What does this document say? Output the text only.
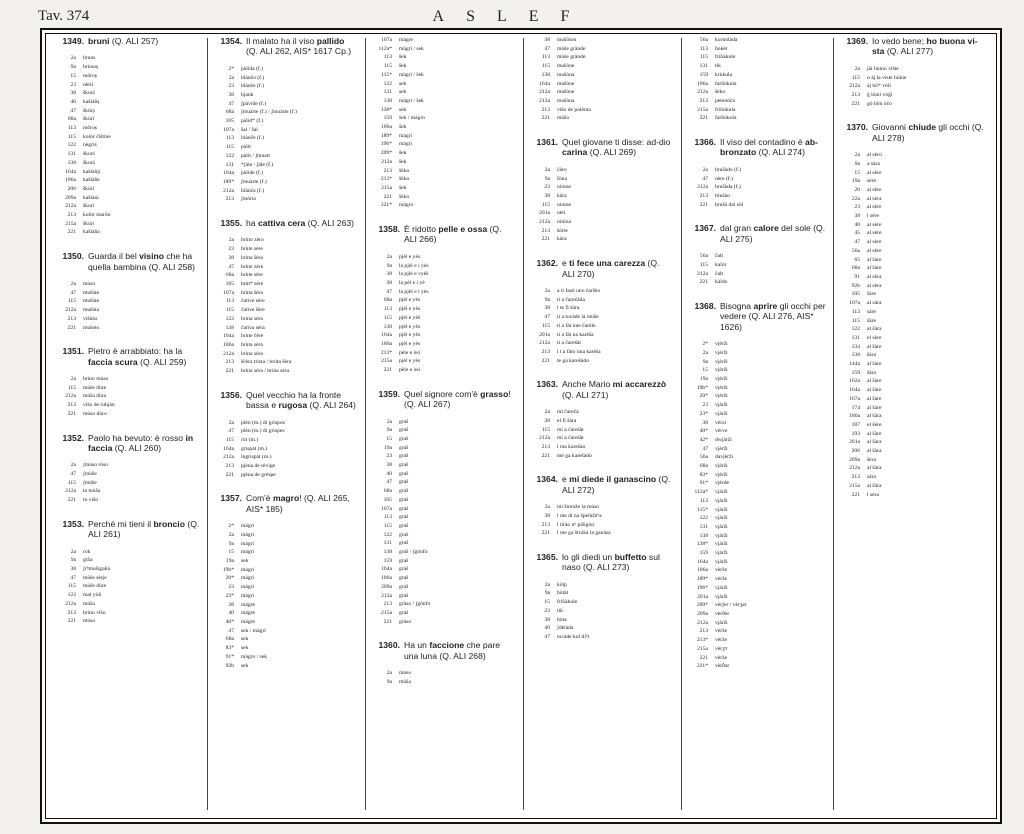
Tav. 374	ASLEF
1349. bruni (Q. ALI 257)
2a	bruns
9a	brùnoș
15	mòroș
23	nèrii
38	škurś
40	kaštàñș
47	škùrș
68a	škùri
113	mòroș
115	kolòr čištine
122	nègriś
131	škurś
138	škurś
164a	kaštañji
186a	kaštàñe
206	škùri
209a	kaštàni
212a	škuri
213	kolòr marón
215a	škùri
221	kaštàña
1350. Guarda il bel visino che ha quella bambina (Q. ALI 258)
2a	mùso
47	mušùte
115	mušùte
212a	mušùta
213	višùṡo
221	mušeto
1351. Pietro è arrabbiato: ha la faccia scura (Q. ALI 259)
2a	brùto mùso
115	mùše dùre
212a	mùša dùra
213	višo de ruhjàn
221	mùso dùro
1352. Paolo ha bevuto: è rosso in faccia (Q. ALI 260)
2a	ʃmùso ròso
47	ʃmùše
115	ʃmùše
212a	ta mùša
221	in višo
1353. Perché mi tieni il broncio (Q. ALI 261)
2a	rok
9a	gìña
38	ʃrʰmušigañá
47	mùše sèrje
115	mùše dùre
122	mal yòli
212a	mùša
213	brùto višo
221	mùso
1354. Il malato ha il viso pallido (Q. ALI 262, AIS* 1617 Cp.)
2*	pàlida (f.)
2a	blànčo (f.)
23	blànče (f.)
38	bjank
47	ʃpàvide (f.)
68a	ʃmuàrte (f.) / ʃmuàrte (f.)
105	pàlid* (f.)
107a	šal / šal
113	blànče (f.)
115	pàlit
122	pàlit / ʃmuatt
131	*ʃàle / ʃàle (f.)
164a	pàlide (f.)
189*	ʃmuàrte (f.)
212a	blànča (f.)
213	ʃmòrto
1355. ha cattiva cera (Q. ALI 263)
2a	brùto zèro
23	brùte sère
38	brùta šèra
47	brùte zère
68a	brùte sère
105	brùt* sère
107a	brùta šèra
113	čatìve sère
115	čatìve šère
122	brùta sèra
138	čatìva sèra
164a	brùte čère
186a	brùta sèra
212a	brùta sèra
213	ščèra trista / brùta šèra
221	brùta sèra / brùta sèra
1356. Quel vecchio ha la fronte bassa e rugosa (Q. ALI 264)
2a	plèn (m.) di grìspos
47	plèn (m.) di grìspes
115	rùt (m.)
164a	grispàt (m.)
212a	ingrispàt (m.)
213	pjèna de rèvìge
221	pjèna de grèspe
1357. Com'è magro! (Q. ALI 265, AIS* 185)
2*	màgri
2a	màgri
9a	màgri
15	màgri
19a	sek
19b*	màgri
20*	màgri
23	màgri
23*	màgri
38	màgre
40	màgre
40*	màgre
47	sek / màgri
68a	sek
83*	sek
91*	màgro / sek
92b	sek
107a	màgre
112a*	màgri / sek
113	šek
115	šek
115*	màgri / šek
122	sek
131	sek
138	màgri / šek
138*	sek
159	šek / màgro
186a	šek
189*	màgri
196*	màgri
209*	šek
212a	šek
213	šèko
213*	šèko
215a	šek
221	šèko
221*	màgro
1358. È ridotto pelle e ossa (Q. ALI 266)
2a	pjèl e yès
9a	la pjèl e i yès
38	la pjèl e vyèš
38	la pèl e i yè
47	la pjèl e l yès
68a	pjèl e yès
113	pjèl e yès
115	pjèl e yèš
138	pjèl e yès
164a	pjèl e yès
186a	pjèl e yès
213*	pèle e òsi
215a	pjèl e yès
221	pèle e òsi
1359. Quel signore com'è grasso! (Q. ALI 267)
2a	graš
9a	graš
15	graš
19a	graš
23	graš
38	graš
40	graš
47	graš
68a	graš
105	graš
107a	graš
113	graš
115	graš
122	graš
131	graš
138	graš / ʃgònfo
159	graš
164a	graš
186a	graš
209a	graš
212a	graš
213	gràso / ʃgònfo
215a	graš
221	gràso
1360. Ha un faccione che pare una luna (Q. ALI 268)
2a	mùso
9a	mùša
38	mušòlon
47	mùše grànde
113	mùše grànde
115	mušòne
138	mušòna
164a	mušòne
212a	mušòne
212a	mušòna
213	višo de polènta
221	mùšo
1361. Quel giovane ti disse: ad-dio carina (Q. ALI 269)
2a	čàro
9a	fòna
23	ninine
38	kàra
115	ninine
201a	nèti
212a	ninìna
213	šòrte
221	kàra
1362. e ti fece una carezza (Q. ALI 270)
2a	a ti fazè uno čaršèo
9a	ti a čarečàda
38	l te fì šàra
47	ti a tocàde la mùše
115	ti a fàt ùne čarèle
201a	ti a fàt na karèša
212a	ti a čarešàt
213	l t a fàto ùna karèša
221	te ga karešàdo
1363. Anche Mario mi accarezzò (Q. ALI 271)
2a	mi čarečà
38	el fi šàra
115	mi a čarešàt
212a	mi a čarešàt
213	l ma karešào
221	me ga karešàdo
1364. e mi diede il ganascino (Q. ALI 272)
2a	mi štrenže la mùso
38	l me dì na špelùžèʰa
213	l tirào uʰ pišigòn
221	l me ga štrukà la ganàsa
1365. lo gli diedi un buffetto sul naso (Q. ALI 273)
2a	kòlp
9a	bòtàt
15	friñàkule
23	tik
38	bòta
40	ʃdètàda
47	tocàde kul diʰt
56a	kornolàda
113	ñokèt
115	friñàkule
131	tik
159	krùkula
186a	farñòkula
212a	šèko
213	petenòča
215a	friñòkula
221	farñòkola
1366. Il viso del contadino è ab-bronzato (Q. ALI 274)
2a	brušàdo (f.)
47	nère (f.)
212a	brušàda (f.)
213	brušào
221	brušà dal sòl
1367. dal gran calore del sole (Q. ALI 275)
56a	čalt
115	kalòr
212a	čalt
221	kàldo
1368. Bisogna aprire gli occhi per vedere (Q. ALI 276, AIS* 1626)
2*	vjèrži
2a	vjèrži
9a	vjèrži
15	vjèrži
19a	vjèrži
19b*	vjèrži
20*	vjèrži
23	vjàrži
23*	vjàrži
38	vèrzi
40*	vèrve
42*	dwjàrži
47	vjèrži
56a	davjèrži
68a	vjèrži
83*	vjèrži
91*	vjèrde
112a*	vjàrži
113	vjàrži
115*	vjàrži
122	vjàrži
131	vjàrži
138	vjàrži
138*	vjàrži
159	vjàrži
164a	vjàrži
186a	vèrže
189*	vèrže
196*	vjàrži
201a	vjàrži
209*	vèrʃer / vèrʒer
209a	vèrðer
212a	vjàrži
213	vèrže
213*	vèrže
215a	vèrʒᵉr
221	vèrže
221*	vèrðar
1369. Io vedo bene; ho buona vi-sta (Q. ALI 277)
2a	jài bùino vište
115	o àj la viste bùine
212a	àj bò* vòli
213	ĝ bùni vòĝi
221	gò bòn òĉo
1370. Giovanni chiude gli occhi (Q. ALI 278)
2a	al sèro
9a	a sàra
15	al sère
19a	sère
20	al sère
22a	al sèra
23	al sère
38	l sère
40	al sère
45	al sère
47	al sère
56a	al sère
65	al šàre
68a	al šàre
91	al sèra
92b	al sèra
105	šàre
107a	al sàra
113	sàre
115	šàre
122	al šàra
131	el sère
134	al šàre
138	šàra
144a	al šàre
159	šàra
162a	al šàre
164a	al šàre
167a	al šàre
174	al šàre
186a	al šàra
187	el šère
193	al šàre
201a	al šàra
206	al šàra
209a	šèra
212a	al šàra
213	sàra
215a	al šàra
221	l sèra
